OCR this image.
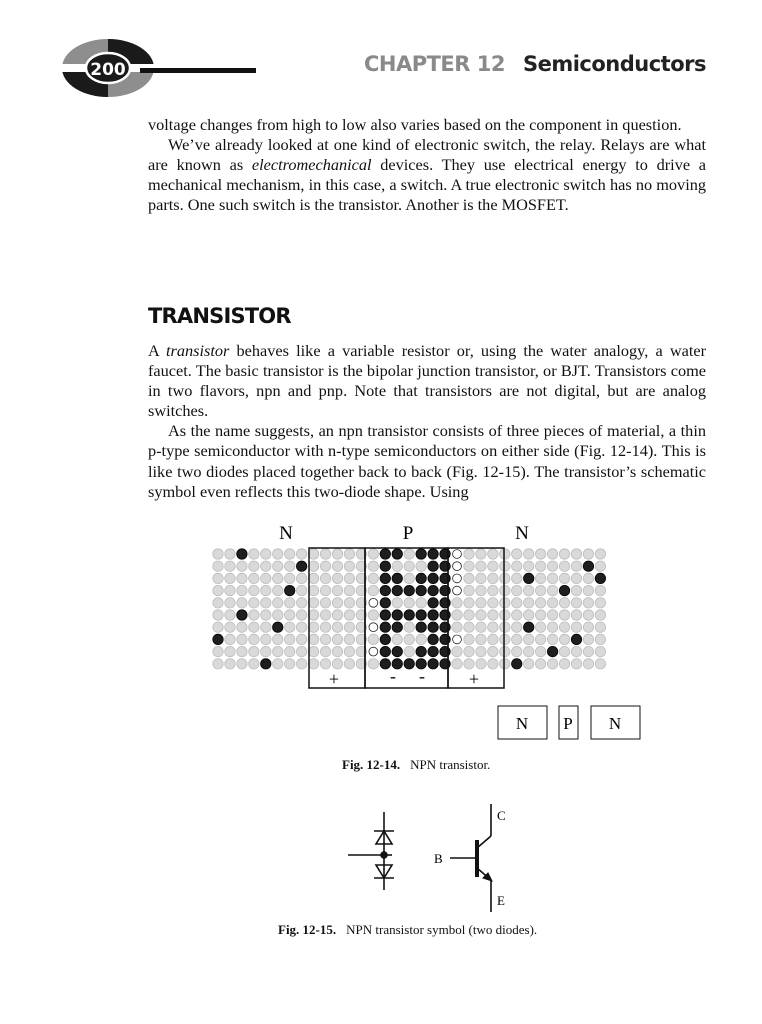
200	CHAPTER 12 Semiconductors

voltage changes from high to low also varies based on the component in question.

We’ve already looked at one kind of electronic switch, the relay. Relays are what are known as electromechanical devices. They use electrical energy to drive a mechanical mechanism, in this case, a switch. A true electronic switch has no moving parts. One such switch is the transistor. Another is the MOSFET.

TRANSISTOR

A transistor behaves like a variable resistor or, using the water analogy, a water faucet. The basic transistor is the bipolar junction transistor, or BJT. Transistors come in two flavors, npn and pnp. Note that transistors are not digital, but are analog switches.

As the name suggests, an npn transistor consists of three pieces of material, a thin p-type semiconductor with n-type semiconductors on either side (Fig. 12-14). This is like two diodes placed together back to back (Fig. 12-15). The transistor’s schematic symbol even reflects this two-diode shape. Using

N	P	N
+	- - +
N P N
Fig. 12-14. NPN transistor.
C
B
E
Fig. 12-15. NPN transistor symbol (two diodes).
